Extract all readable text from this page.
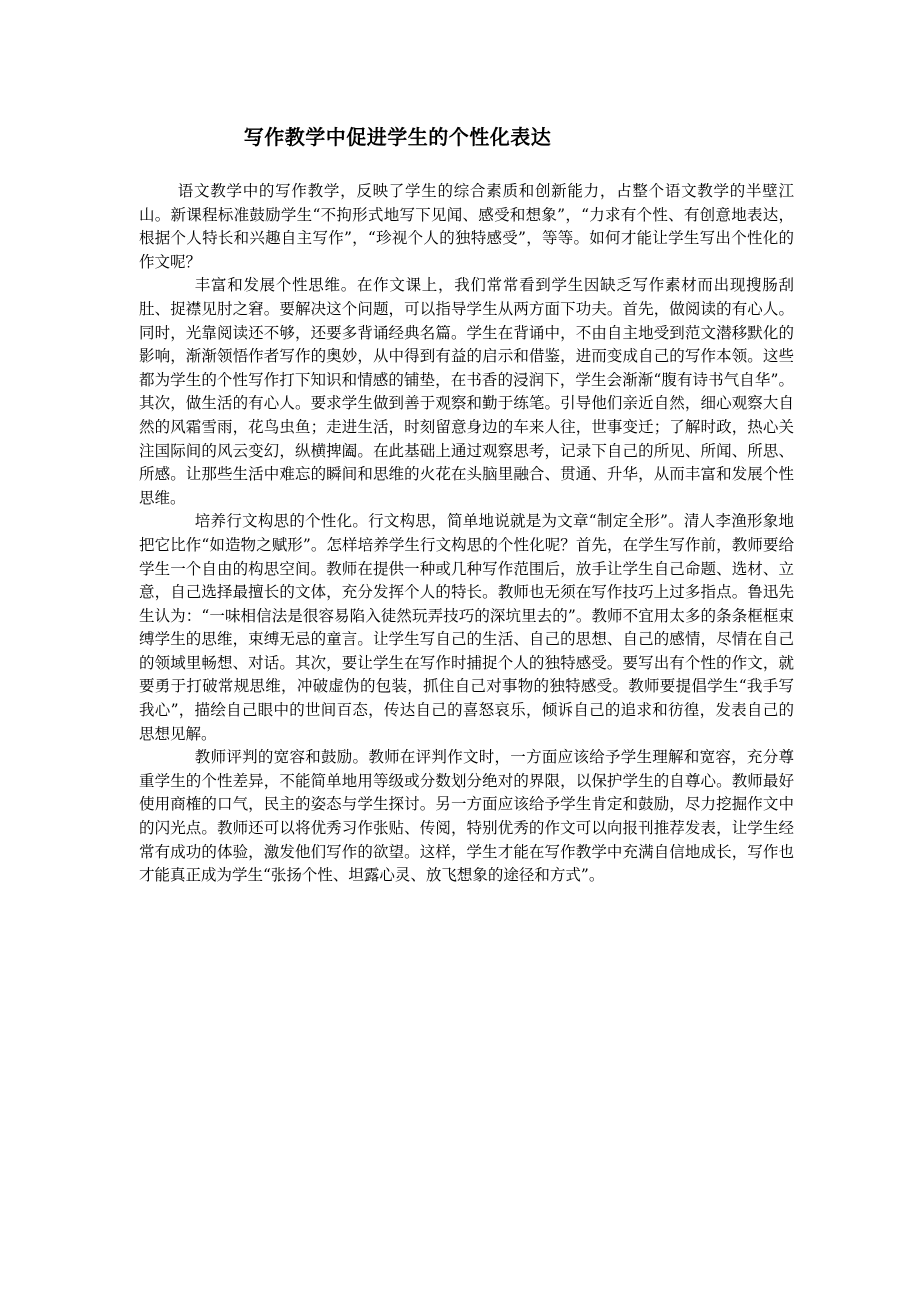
写作教学中促进学生的个性化表达

语文教学中的写作教学，反映了学生的综合素质和创新能力，占整个语文教学的半壁江山。新课程标准鼓励学生“不拘形式地写下见闻、感受和想象”，“力求有个性、有创意地表达，根据个人特长和兴趣自主写作”，“珍视个人的独特感受”，等等。如何才能让学生写出个性化的作文呢？

丰富和发展个性思维。在作文课上，我们常常看到学生因缺乏写作素材而出现搜肠刮肚、捉襟见肘之窘。要解决这个问题，可以指导学生从两方面下功夫。首先，做阅读的有心人。同时，光靠阅读还不够，还要多背诵经典名篇。学生在背诵中，不由自主地受到范文潜移默化的影响，渐渐领悟作者写作的奥妙，从中得到有益的启示和借鉴，进而变成自己的写作本领。这些都为学生的个性写作打下知识和情感的铺垫，在书香的浸润下，学生会渐渐“腹有诗书气自华”。其次，做生活的有心人。要求学生做到善于观察和勤于练笔。引导他们亲近自然，细心观察大自然的风霜雪雨，花鸟虫鱼；走进生活，时刻留意身边的车来人往，世事变迁；了解时政，热心关注国际间的风云变幻，纵横捭阖。在此基础上通过观察思考，记录下自己的所见、所闻、所思、所感。让那些生活中难忘的瞬间和思维的火花在头脑里融合、贯通、升华，从而丰富和发展个性思维。

培养行文构思的个性化。行文构思，简单地说就是为文章“制定全形”。清人李渔形象地把它比作“如造物之赋形”。怎样培养学生行文构思的个性化呢？首先，在学生写作前，教师要给学生一个自由的构思空间。教师在提供一种或几种写作范围后，放手让学生自己命题、选材、立意，自己选择最擅长的文体，充分发挥个人的特长。教师也无须在写作技巧上过多指点。鲁迅先生认为：“一味相信法是很容易陷入徒然玩弄技巧的深坑里去的”。教师不宜用太多的条条框框束缚学生的思维，束缚无忌的童言。让学生写自己的生活、自己的思想、自己的感情，尽情在自己的领域里畅想、对话。其次，要让学生在写作时捕捉个人的独特感受。要写出有个性的作文，就要勇于打破常规思维，冲破虚伪的包装，抓住自己对事物的独特感受。教师要提倡学生“我手写我心”，描绘自己眼中的世间百态，传达自己的喜怒哀乐，倾诉自己的追求和彷徨，发表自己的思想见解。

教师评判的宽容和鼓励。教师在评判作文时，一方面应该给予学生理解和宽容，充分尊重学生的个性差异，不能简单地用等级或分数划分绝对的界限，以保护学生的自尊心。教师最好使用商榷的口气，民主的姿态与学生探讨。另一方面应该给予学生肯定和鼓励，尽力挖掘作文中的闪光点。教师还可以将优秀习作张贴、传阅，特别优秀的作文可以向报刊推荐发表，让学生经常有成功的体验，激发他们写作的欲望。这样，学生才能在写作教学中充满自信地成长，写作也才能真正成为学生“张扬个性、坦露心灵、放飞想象的途径和方式”。
